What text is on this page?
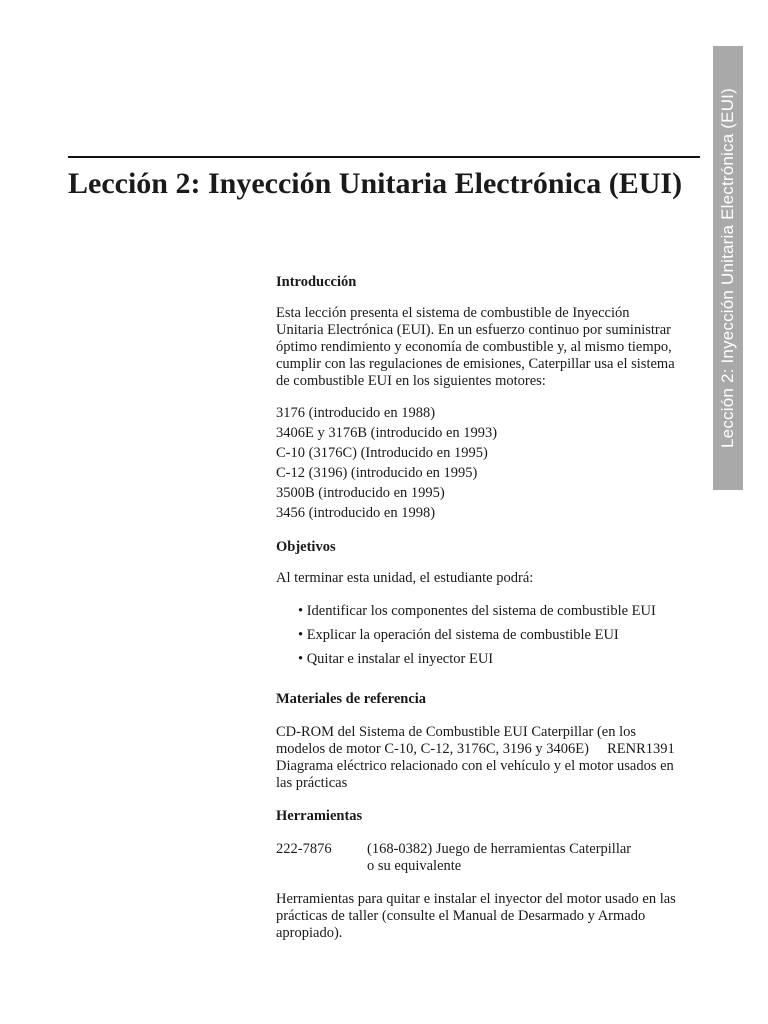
Lección 2: Inyección Unitaria Electrónica (EUI)
Lección 2: Inyección Unitaria Electrónica (EUI)

Introducción

Esta lección presenta el sistema de combustible de Inyección
Unitaria Electrónica (EUI). En un esfuerzo continuo por suministrar
óptimo rendimiento y economía de combustible y, al mismo tiempo,
cumplir con las regulaciones de emisiones, Caterpillar usa el sistema
de combustible EUI en los siguientes motores:
3176 (introducido en 1988)
3406E y 3176B (introducido en 1993)
C-10 (3176C) (Introducido en 1995)
C-12 (3196) (introducido en 1995)
3500B (introducido en 1995)
3456 (introducido en 1998)

Objetivos

Al terminar esta unidad, el estudiante podrá:

• Identificar los componentes del sistema de combustible EUI
• Explicar la operación del sistema de combustible EUI
• Quitar e instalar el inyector EUI

Materiales de referencia

CD-ROM del Sistema de Combustible EUI Caterpillar (en los
modelos de motor C-10, C-12, 3176C, 3196 y 3406E)     RENR1391
Diagrama eléctrico relacionado con el vehículo y el motor usados en
las prácticas

Herramientas

222-7876	(168-0382) Juego de herramientas Caterpillar
o su equivalente
Herramientas para quitar e instalar el inyector del motor usado en las
prácticas de taller (consulte el Manual de Desarmado y Armado
apropiado).
